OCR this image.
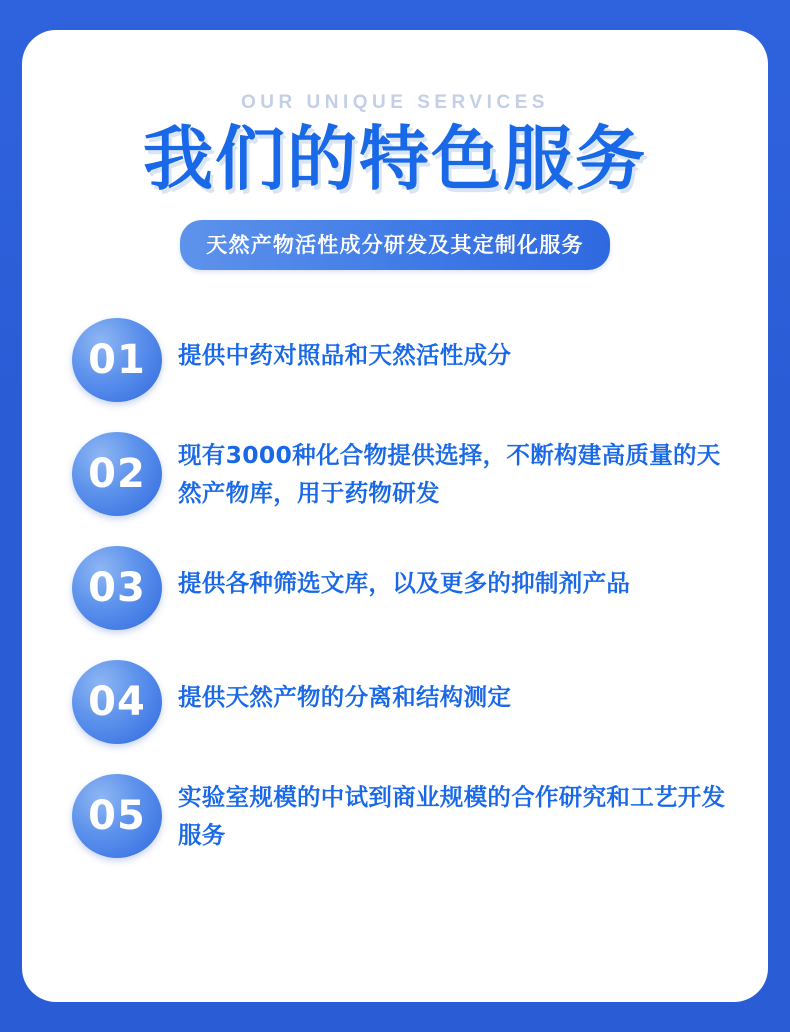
OUR UNIQUE SERVICES
我们的特色服务
天然产物活性成分研发及其定制化服务
01	提供中药对照品和天然活性成分
02	现有3000种化合物提供选择，不断构建高质量的天然产物库，用于药物研发
03	提供各种筛选文库，以及更多的抑制剂产品
04	提供天然产物的分离和结构测定
05	实验室规模的中试到商业规模的合作研究和工艺开发服务
